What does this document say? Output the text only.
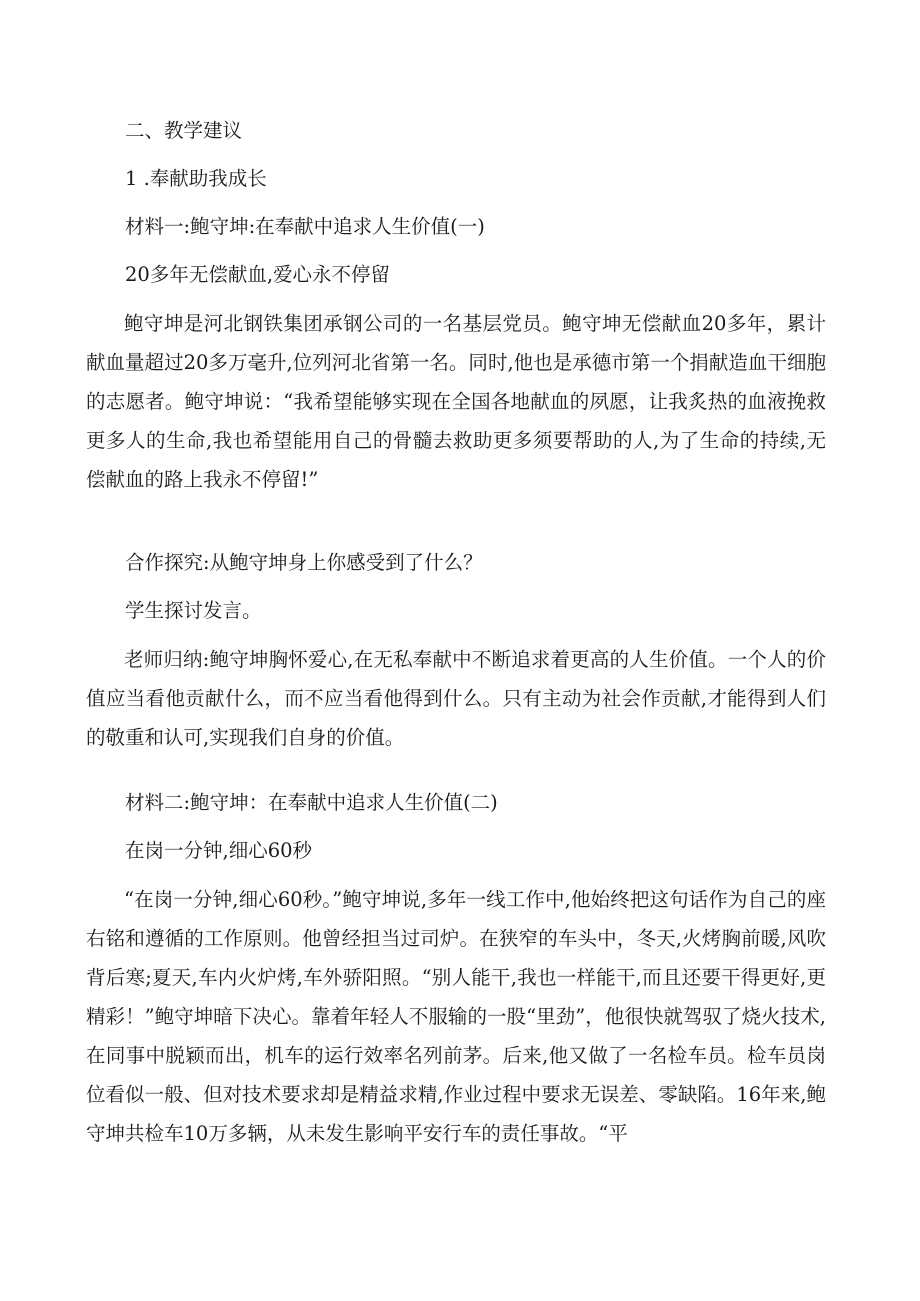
二、教学建议

1 .奉献助我成长

材料一:鲍守坤:在奉献中追求人生价值(一)

20多年无偿献血,爱心永不停留

鲍守坤是河北钢铁集团承钢公司的一名基层党员。鲍守坤无偿献血20多年，累计献血量超过20多万毫升,位列河北省第一名。同时,他也是承德市第一个捐献造血干细胞的志愿者。鲍守坤说：“我希望能够实现在全国各地献血的夙愿，让我炙热的血液挽救更多人的生命,我也希望能用自己的骨髓去救助更多须要帮助的人,为了生命的持续,无偿献血的路上我永不停留!”

合作探究:从鲍守坤身上你感受到了什么？

学生探讨发言。

老师归纳:鲍守坤胸怀爱心,在无私奉献中不断追求着更高的人生价值。一个人的价值应当看他贡献什么，而不应当看他得到什么。只有主动为社会作贡献,才能得到人们的敬重和认可,实现我们自身的价值。

材料二:鲍守坤：在奉献中追求人生价值(二)

在岗一分钟,细心60秒

“在岗一分钟,细心60秒。”鲍守坤说,多年一线工作中,他始终把这句话作为自己的座右铭和遵循的工作原则。他曾经担当过司炉。在狭窄的车头中，冬天,火烤胸前暖,风吹背后寒;夏天,车内火炉烤,车外骄阳照。“别人能干,我也一样能干,而且还要干得更好,更精彩！”鲍守坤暗下决心。靠着年轻人不服输的一股“里劲”，他很快就驾驭了烧火技术,在同事中脱颖而出，机车的运行效率名列前茅。后来,他又做了一名检车员。检车员岗位看似一般、但对技术要求却是精益求精,作业过程中要求无误差、零缺陷。16年来,鲍守坤共检车10万多辆，从未发生影响平安行车的责任事故。“平
